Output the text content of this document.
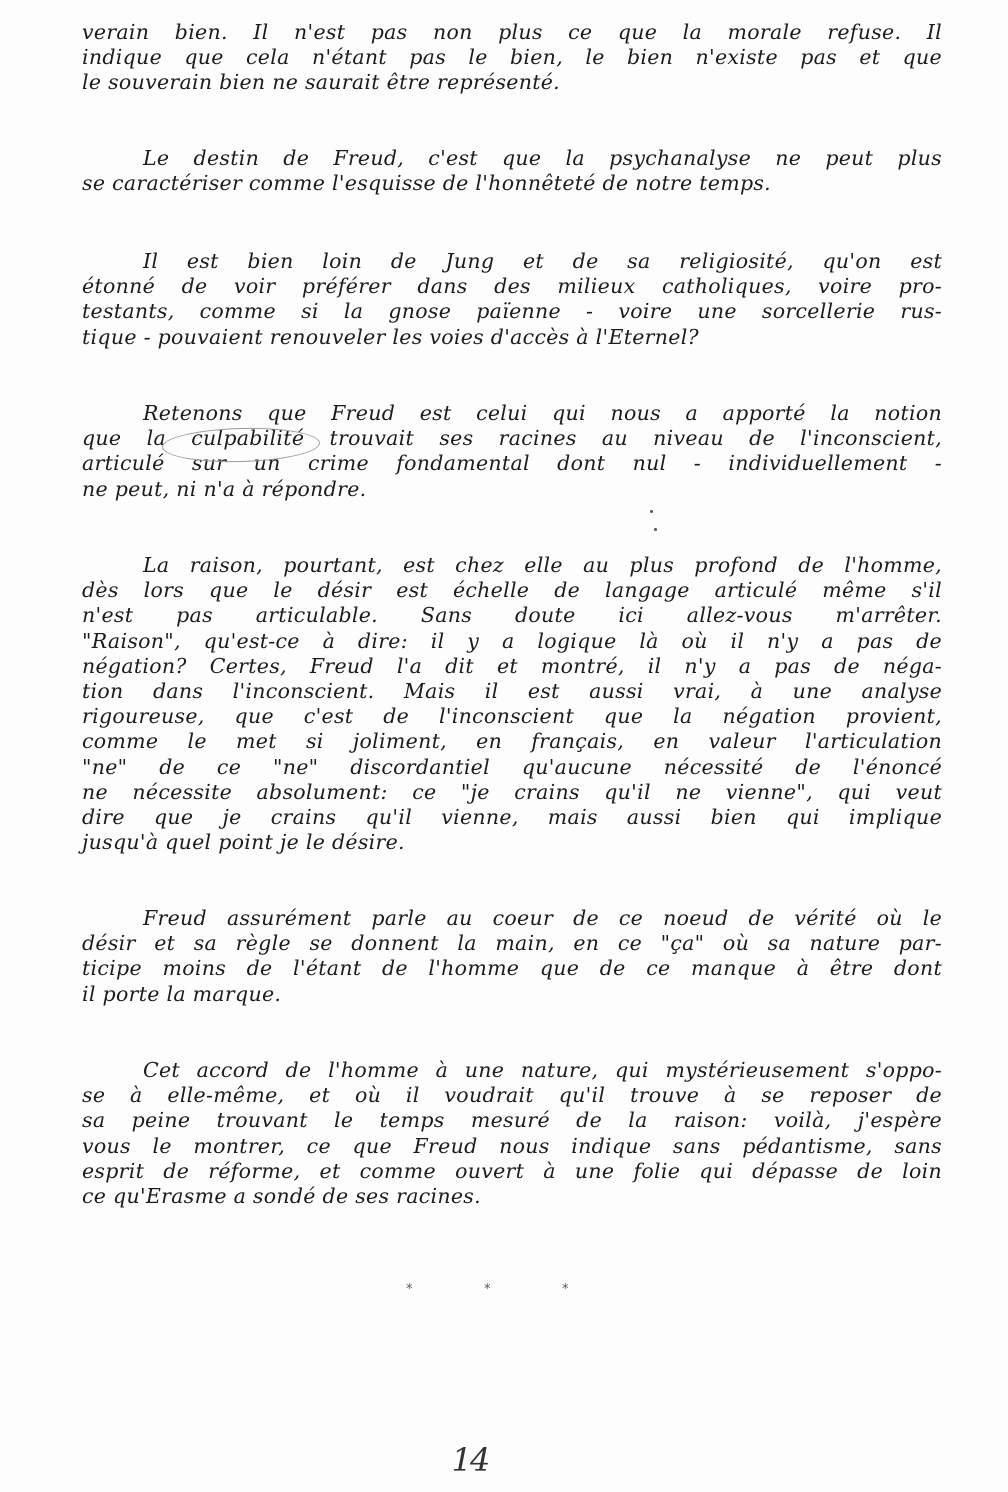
verain bien. Il n'est pas non plus ce que la morale refuse. Il
indique que cela n'étant pas le bien, le bien n'existe pas et que
le souverain bien ne saurait être représenté.
Le destin de Freud, c'est que la psychanalyse ne peut plus
se caractériser comme l'esquisse de l'honnêteté de notre temps.
Il est bien loin de Jung et de sa religiosité, qu'on est
étonné de voir préférer dans des milieux catholiques, voire pro-
testants, comme si la gnose païenne - voire une sorcellerie rus-
tique - pouvaient renouveler les voies d'accès à l'Eternel?
Retenons que Freud est celui qui nous a apporté la notion
que la culpabilité trouvait ses racines au niveau de l'inconscient,
articulé sur un crime fondamental dont nul - individuellement -
ne peut, ni n'a à répondre.
La raison, pourtant, est chez elle au plus profond de l'homme,
dès lors que le désir est échelle de langage articulé même s'il
n'est pas articulable. Sans doute ici allez-vous m'arrêter.
"Raison", qu'est-ce à dire: il y a logique là où il n'y a pas de
négation? Certes, Freud l'a dit et montré, il n'y a pas de néga-
tion dans l'inconscient. Mais il est aussi vrai, à une analyse
rigoureuse, que c'est de l'inconscient que la négation provient,
comme le met si joliment, en français, en valeur l'articulation
"ne" de ce "ne" discordantiel qu'aucune nécessité de l'énoncé
ne nécessite absolument: ce "je crains qu'il ne vienne", qui veut
dire que je crains qu'il vienne, mais aussi bien qui implique
jusqu'à quel point je le désire.
Freud assurément parle au coeur de ce noeud de vérité où le
désir et sa règle se donnent la main, en ce "ça" où sa nature par-
ticipe moins de l'étant de l'homme que de ce manque à être dont
il porte la marque.
Cet accord de l'homme à une nature, qui mystérieusement s'oppo-
se à elle-même, et où il voudrait qu'il trouve à se reposer de
sa peine trouvant le temps mesuré de la raison: voilà, j'espère
vous le montrer, ce que Freud nous indique sans pédantisme, sans
esprit de réforme, et comme ouvert à une folie qui dépasse de loin
ce qu'Erasme a sondé de ses racines.
*	*	*
14
